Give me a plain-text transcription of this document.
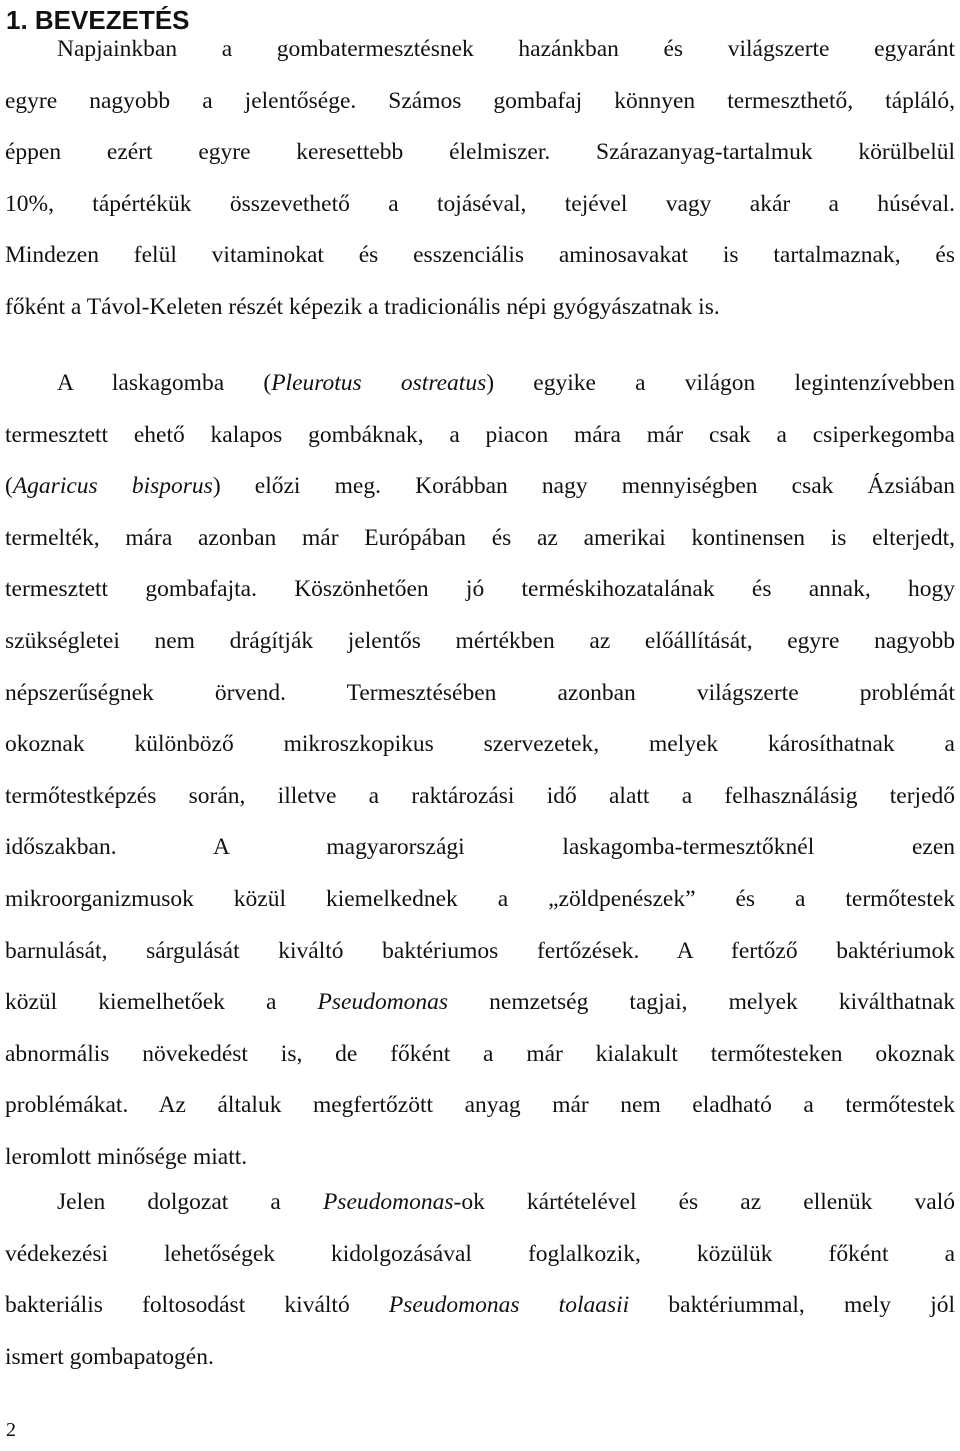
1. BEVEZETÉS
Napjainkban a gombatermesztésnek hazánkban és világszerte egyaránt
egyre nagyobb a jelentősége. Számos gombafaj könnyen termeszthető, tápláló,
éppen ezért egyre keresettebb élelmiszer. Szárazanyag-tartalmuk körülbelül
10%, tápértékük összevethető a tojáséval, tejével vagy akár a húséval.
Mindezen felül vitaminokat és esszenciális aminosavakat is tartalmaznak, és
főként a Távol-Keleten részét képezik a tradicionális népi gyógyászatnak is.
A laskagomba (Pleurotus ostreatus) egyike a világon legintenzívebben
termesztett ehető kalapos gombáknak, a piacon mára már csak a csiperkegomba
(Agaricus bisporus) előzi meg. Korábban nagy mennyiségben csak Ázsiában
termelték, mára azonban már Európában és az amerikai kontinensen is elterjedt,
termesztett gombafajta. Köszönhetően jó terméskihozatalának és annak, hogy
szükségletei nem drágítják jelentős mértékben az előállítását, egyre nagyobb
népszerűségnek örvend. Termesztésében azonban világszerte problémát
okoznak különböző mikroszkopikus szervezetek, melyek károsíthatnak a
termőtestképzés során, illetve a raktározási idő alatt a felhasználásig terjedő
időszakban. A magyarországi laskagomba-termesztőknél ezen
mikroorganizmusok közül kiemelkednek a „zöldpenészek” és a termőtestek
barnulását, sárgulását kiváltó baktériumos fertőzések. A fertőző baktériumok
közül kiemelhetőek a Pseudomonas nemzetség tagjai, melyek kiválthatnak
abnormális növekedést is, de főként a már kialakult termőtesteken okoznak
problémákat. Az általuk megfertőzött anyag már nem eladható a termőtestek
leromlott minősége miatt.
Jelen dolgozat a Pseudomonas-ok kártételével és az ellenük való
védekezési lehetőségek kidolgozásával foglalkozik, közülük főként a
bakteriális foltosodást kiváltó Pseudomonas tolaasii baktériummal, mely jól
ismert gombapatogén.
2
